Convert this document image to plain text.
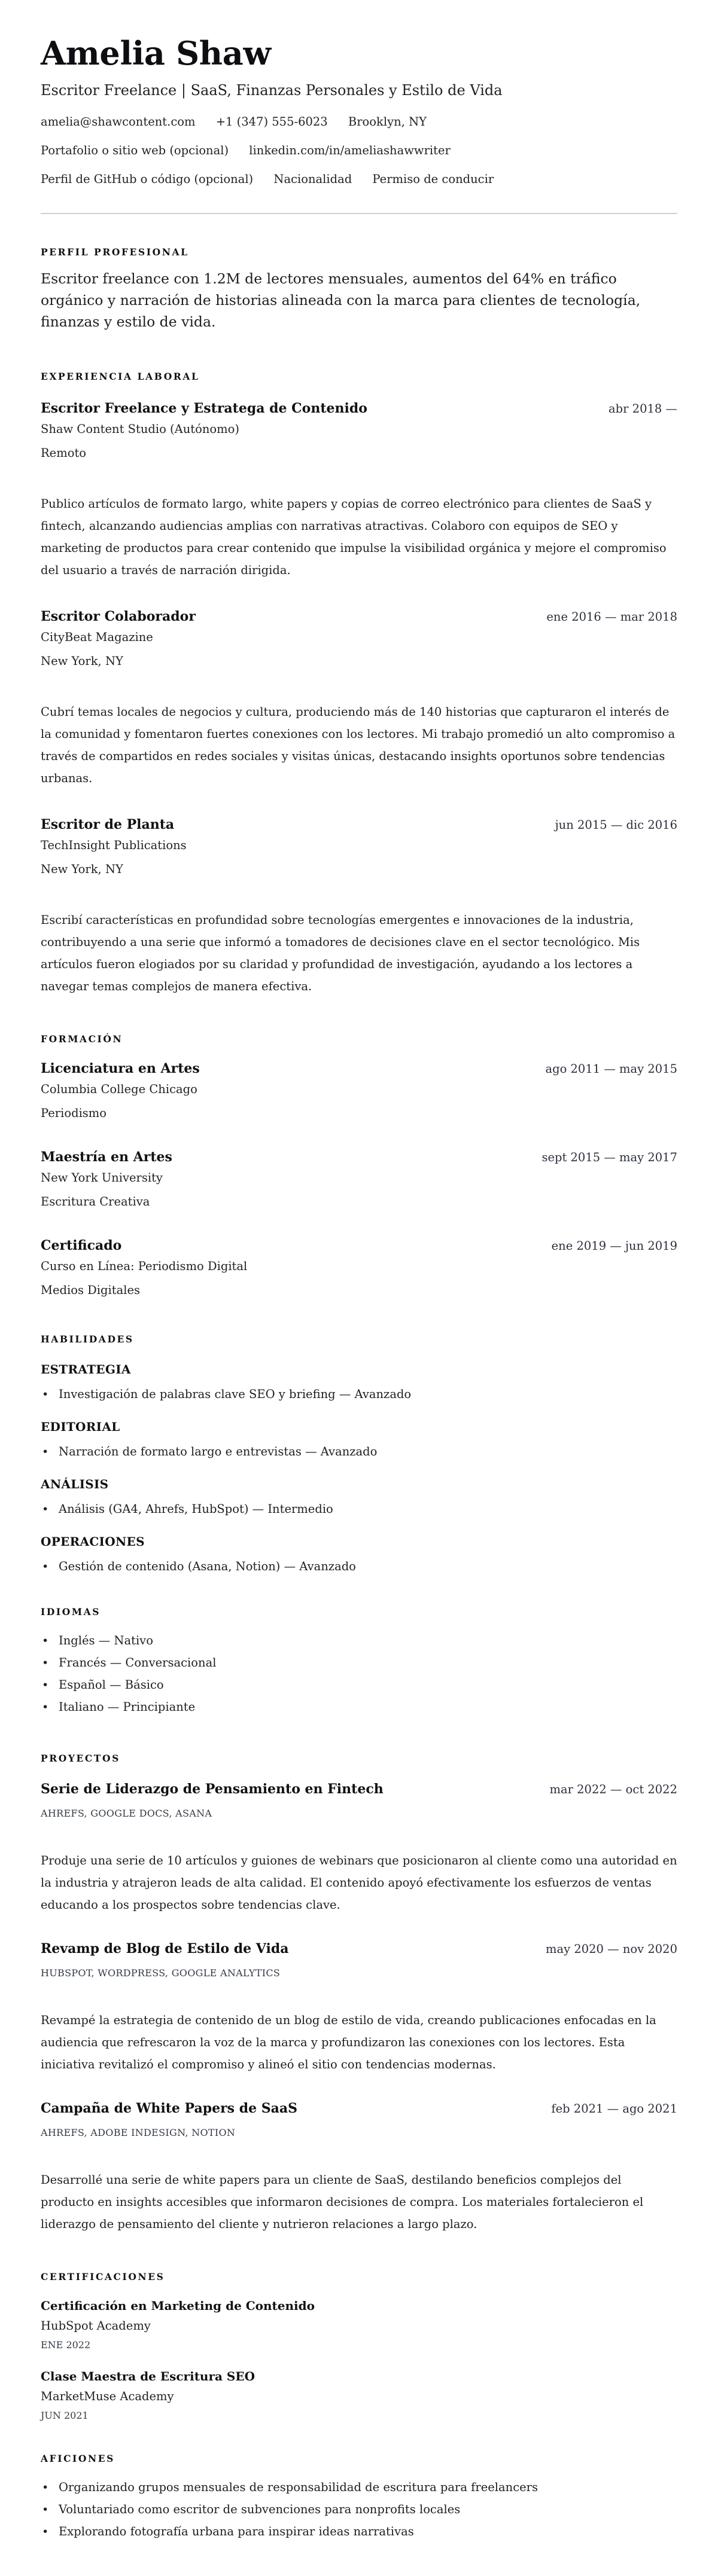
Amelia Shaw
Escritor Freelance | SaaS, Finanzas Personales y Estilo de Vida
amelia@shawcontent.com +1 (347) 555-6023 Brooklyn, NY
Portafolio o sitio web (opcional) linkedin.com/in/ameliashawwriter
Perfil de GitHub o código (opcional) Nacionalidad Permiso de conducir
PERFIL PROFESIONAL

Escritor freelance con 1.2M de lectores mensuales, aumentos del 64% en tráfico orgánico y narración de historias alineada con la marca para clientes de tecnología, finanzas y estilo de vida.

EXPERIENCIA LABORAL
Escritor Freelance y Estratega de Contenido	abr 2018 —
Shaw Content Studio (Autónomo)
Remoto

Publico artículos de formato largo, white papers y copias de correo electrónico para clientes de SaaS y fintech, alcanzando audiencias amplias con narrativas atractivas. Colaboro con equipos de SEO y marketing de productos para crear contenido que impulse la visibilidad orgánica y mejore el compromiso del usuario a través de narración dirigida.

Escritor Colaborador	ene 2016 — mar 2018
CityBeat Magazine
New York, NY

Cubrí temas locales de negocios y cultura, produciendo más de 140 historias que capturaron el interés de la comunidad y fomentaron fuertes conexiones con los lectores. Mi trabajo promedió un alto compromiso a través de compartidos en redes sociales y visitas únicas, destacando insights oportunos sobre tendencias urbanas.

Escritor de Planta	jun 2015 — dic 2016
TechInsight Publications
New York, NY

Escribí características en profundidad sobre tecnologías emergentes e innovaciones de la industria, contribuyendo a una serie que informó a tomadores de decisiones clave en el sector tecnológico. Mis artículos fueron elogiados por su claridad y profundidad de investigación, ayudando a los lectores a navegar temas complejos de manera efectiva.

FORMACIÓN
Licenciatura en Artes	ago 2011 — may 2015
Columbia College Chicago
Periodismo
Maestría en Artes	sept 2015 — may 2017
New York University
Escritura Creativa
Certificado	ene 2019 — jun 2019
Curso en Línea: Periodismo Digital
Medios Digitales
HABILIDADES
ESTRATEGIA
• Investigación de palabras clave SEO y briefing — Avanzado
EDITORIAL
• Narración de formato largo e entrevistas — Avanzado
ANÁLISIS
• Análisis (GA4, Ahrefs, HubSpot) — Intermedio
OPERACIONES
• Gestión de contenido (Asana, Notion) — Avanzado
IDIOMAS
• Inglés — Nativo
• Francés — Conversacional
• Español — Básico
• Italiano — Principiante
PROYECTOS
Serie de Liderazgo de Pensamiento en Fintech	mar 2022 — oct 2022
AHREFS, GOOGLE DOCS, ASANA

Produje una serie de 10 artículos y guiones de webinars que posicionaron al cliente como una autoridad en la industria y atrajeron leads de alta calidad. El contenido apoyó efectivamente los esfuerzos de ventas educando a los prospectos sobre tendencias clave.

Revamp de Blog de Estilo de Vida	may 2020 — nov 2020
HUBSPOT, WORDPRESS, GOOGLE ANALYTICS

Revampé la estrategia de contenido de un blog de estilo de vida, creando publicaciones enfocadas en la audiencia que refrescaron la voz de la marca y profundizaron las conexiones con los lectores. Esta iniciativa revitalizó el compromiso y alineó el sitio con tendencias modernas.

Campaña de White Papers de SaaS	feb 2021 — ago 2021
AHREFS, ADOBE INDESIGN, NOTION

Desarrollé una serie de white papers para un cliente de SaaS, destilando beneficios complejos del producto en insights accesibles que informaron decisiones de compra. Los materiales fortalecieron el liderazgo de pensamiento del cliente y nutrieron relaciones a largo plazo.

CERTIFICACIONES
Certificación en Marketing de Contenido
HubSpot Academy
ENE 2022
Clase Maestra de Escritura SEO
MarketMuse Academy
JUN 2021
AFICIONES
• Organizando grupos mensuales de responsabilidad de escritura para freelancers
• Voluntariado como escritor de subvenciones para nonprofits locales
• Explorando fotografía urbana para inspirar ideas narrativas
